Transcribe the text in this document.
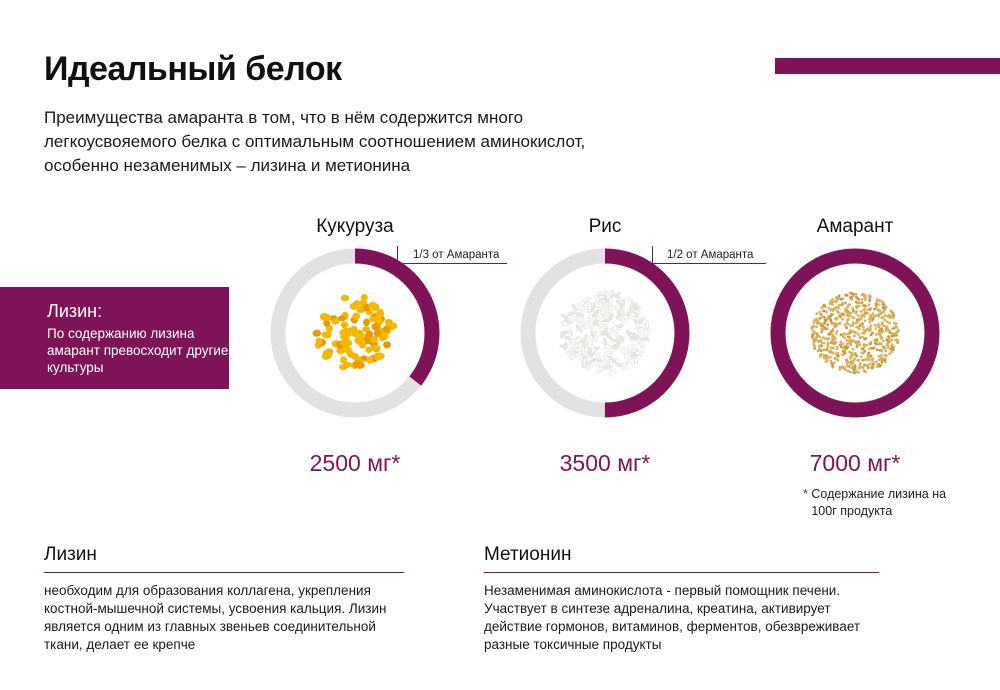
Идеальный белок
Преимущества амаранта в том, что в нём содержится много легкоусвояемого белка с оптимальным соотношением аминокислот, особенно незаменимых – лизина и метионина
Лизин:
По содержанию лизина амарант превосходит другие культуры
Кукуруза
1/3 от Амаранта
2500 мг*
Рис
1/2 от Амаранта
3500 мг*
Амарант
7000 мг*
* Содержание лизина на 100г продукта
Лизин
необходим для образования коллагена, укрепления костной-мышечной системы, усвоения кальция. Лизин является одним из главных звеньев соединительной ткани, делает ее крепче
Метионин
Незаменимая аминокислота - первый помощник печени. Участвует в синтезе адреналина, креатина, активирует действие гормонов, витаминов, ферментов, обезвреживает разные токсичные продукты
